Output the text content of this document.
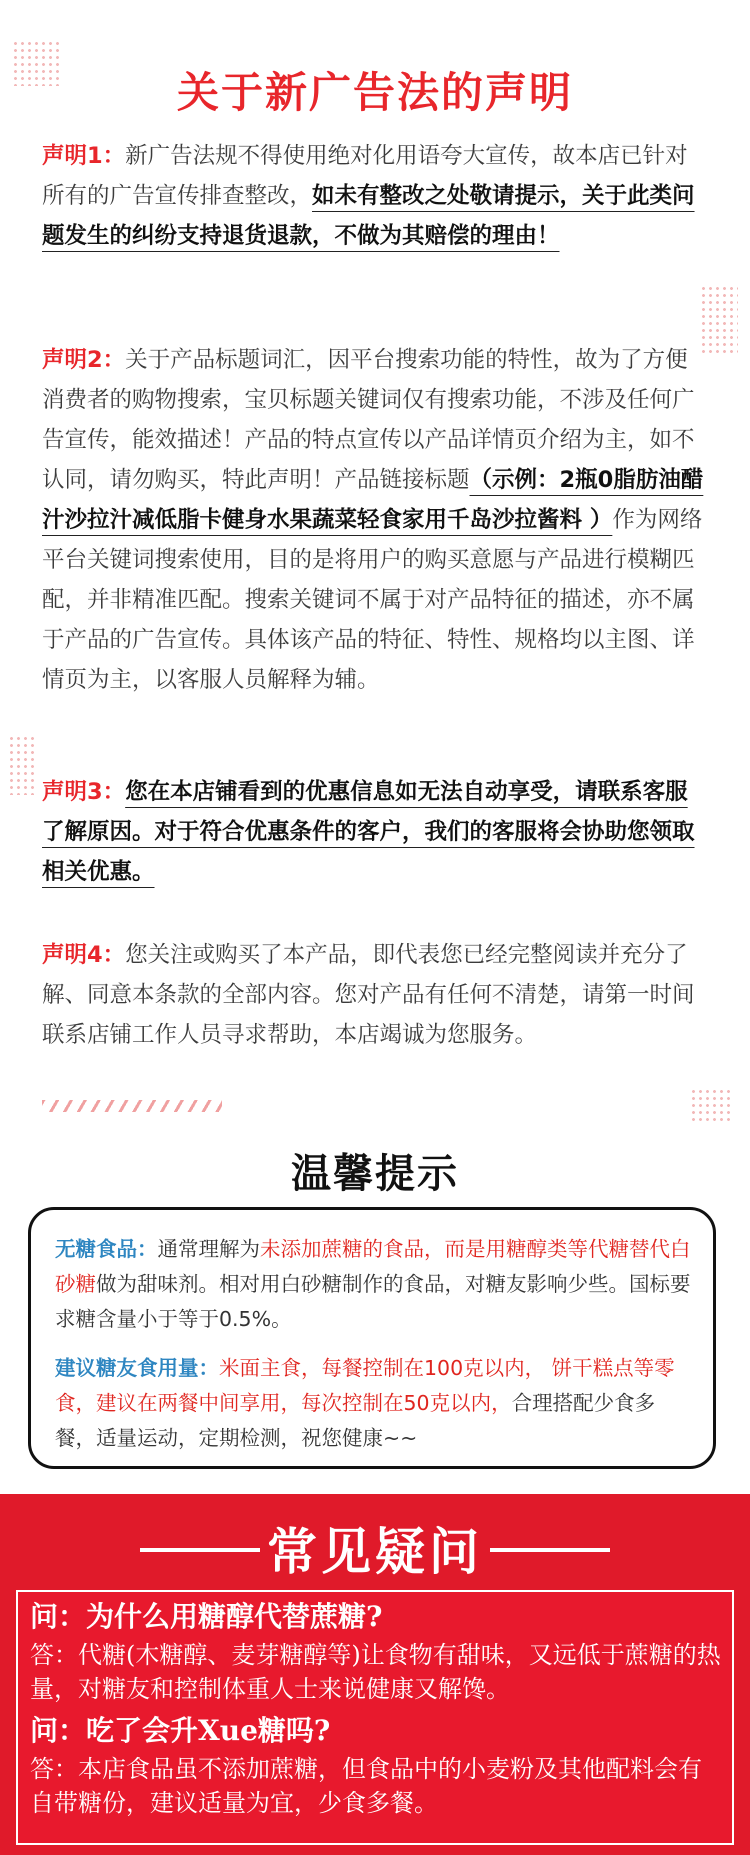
关于新广告法的声明
声明1：新广告法规不得使用绝对化用语夸大宣传，故本店已针对所有的广告宣传排查整改，如未有整改之处敬请提示，关于此类问题发生的纠纷支持退货退款，不做为其赔偿的理由！
声明2：关于产品标题词汇，因平台搜索功能的特性，故为了方便消费者的购物搜索，宝贝标题关键词仅有搜索功能，不涉及任何广告宣传，能效描述！产品的特点宣传以产品详情页介绍为主，如不认同，请勿购买，特此声明！产品链接标题（示例：2瓶0脂肪油醋汁沙拉汁减低脂卡健身水果蔬菜轻食家用千岛沙拉酱料 ）作为网络平台关键词搜索使用，目的是将用户的购买意愿与产品进行模糊匹配，并非精准匹配。搜索关键词不属于对产品特征的描述，亦不属于产品的广告宣传。具体该产品的特征、特性、规格均以主图、详情页为主，以客服人员解释为辅。
声明3：您在本店铺看到的优惠信息如无法自动享受，请联系客服了解原因。对于符合优惠条件的客户，我们的客服将会协助您领取相关优惠。
声明4：您关注或购买了本产品，即代表您已经完整阅读并充分了解、同意本条款的全部内容。您对产品有任何不清楚，请第一时间联系店铺工作人员寻求帮助，本店竭诚为您服务。
温馨提示
无糖食品：通常理解为未添加蔗糖的食品，而是用糖醇类等代糖替代白砂糖做为甜味剂。相对用白砂糖制作的食品，对糖友影响少些。国标要求糖含量小于等于0.5%。
建议糖友食用量：米面主食，每餐控制在100克以内， 饼干糕点等零食，建议在两餐中间享用，每次控制在50克以内，合理搭配少食多餐，适量运动，定期检测，祝您健康~~
常见疑问
问：为什么用糖醇代替蔗糖?
答：代糖(木糖醇、麦芽糖醇等)让食物有甜味，又远低于蔗糖的热量，对糖友和控制体重人士来说健康又解馋。
问：吃了会升Xue糖吗?
答：本店食品虽不添加蔗糖，但食品中的小麦粉及其他配料会有自带糖份，建议适量为宜，少食多餐。
